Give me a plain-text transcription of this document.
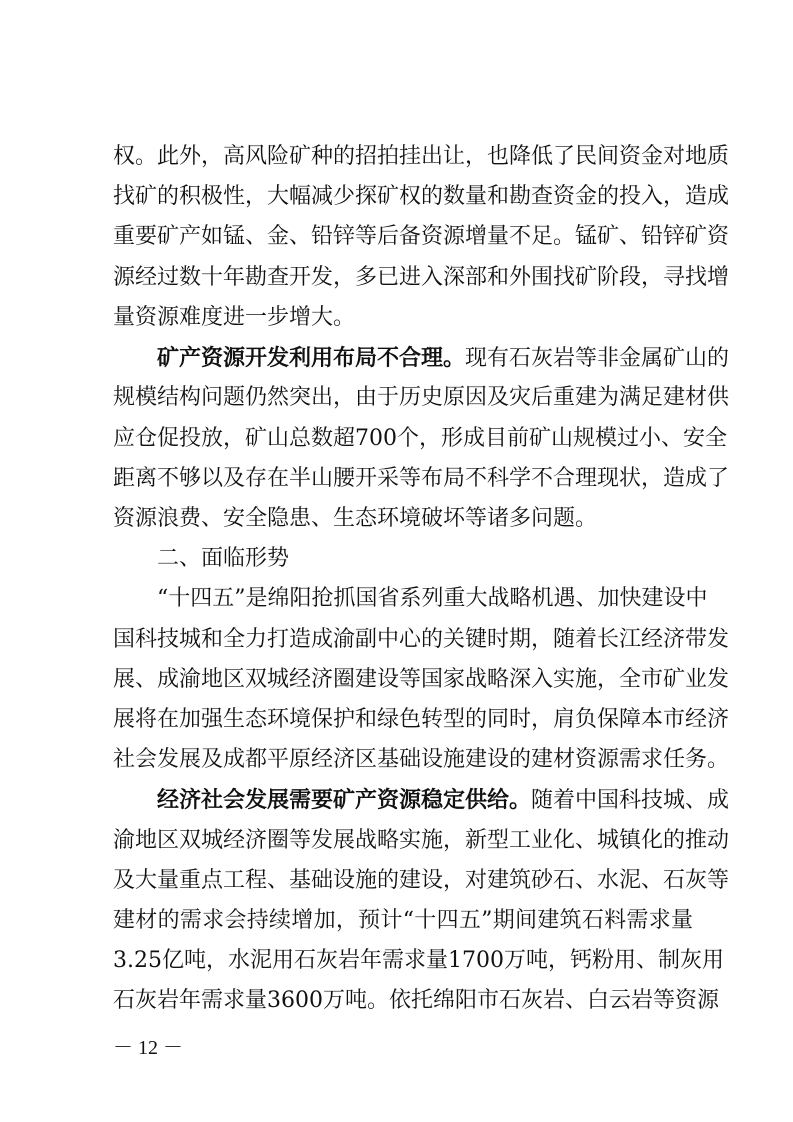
权。此外，高风险矿种的招拍挂出让，也降低了民间资金对地质
找矿的积极性，大幅减少探矿权的数量和勘查资金的投入，造成
重要矿产如锰、金、铅锌等后备资源增量不足。锰矿、铅锌矿资
源经过数十年勘查开发，多已进入深部和外围找矿阶段，寻找增
量资源难度进一步增大。
矿产资源开发利用布局不合理。现有石灰岩等非金属矿山的
规模结构问题仍然突出，由于历史原因及灾后重建为满足建材供
应仓促投放，矿山总数超700个，形成目前矿山规模过小、安全
距离不够以及存在半山腰开采等布局不科学不合理现状，造成了
资源浪费、安全隐患、生态环境破坏等诸多问题。
二、面临形势
“十四五”是绵阳抢抓国省系列重大战略机遇、加快建设中
国科技城和全力打造成渝副中心的关键时期，随着长江经济带发
展、成渝地区双城经济圈建设等国家战略深入实施，全市矿业发
展将在加强生态环境保护和绿色转型的同时，肩负保障本市经济
社会发展及成都平原经济区基础设施建设的建材资源需求任务。
经济社会发展需要矿产资源稳定供给。随着中国科技城、成
渝地区双城经济圈等发展战略实施，新型工业化、城镇化的推动
及大量重点工程、基础设施的建设，对建筑砂石、水泥、石灰等
建材的需求会持续增加，预计“十四五”期间建筑石料需求量
3.25亿吨，水泥用石灰岩年需求量1700万吨，钙粉用、制灰用
石灰岩年需求量3600万吨。依托绵阳市石灰岩、白云岩等资源
－ 12 －
